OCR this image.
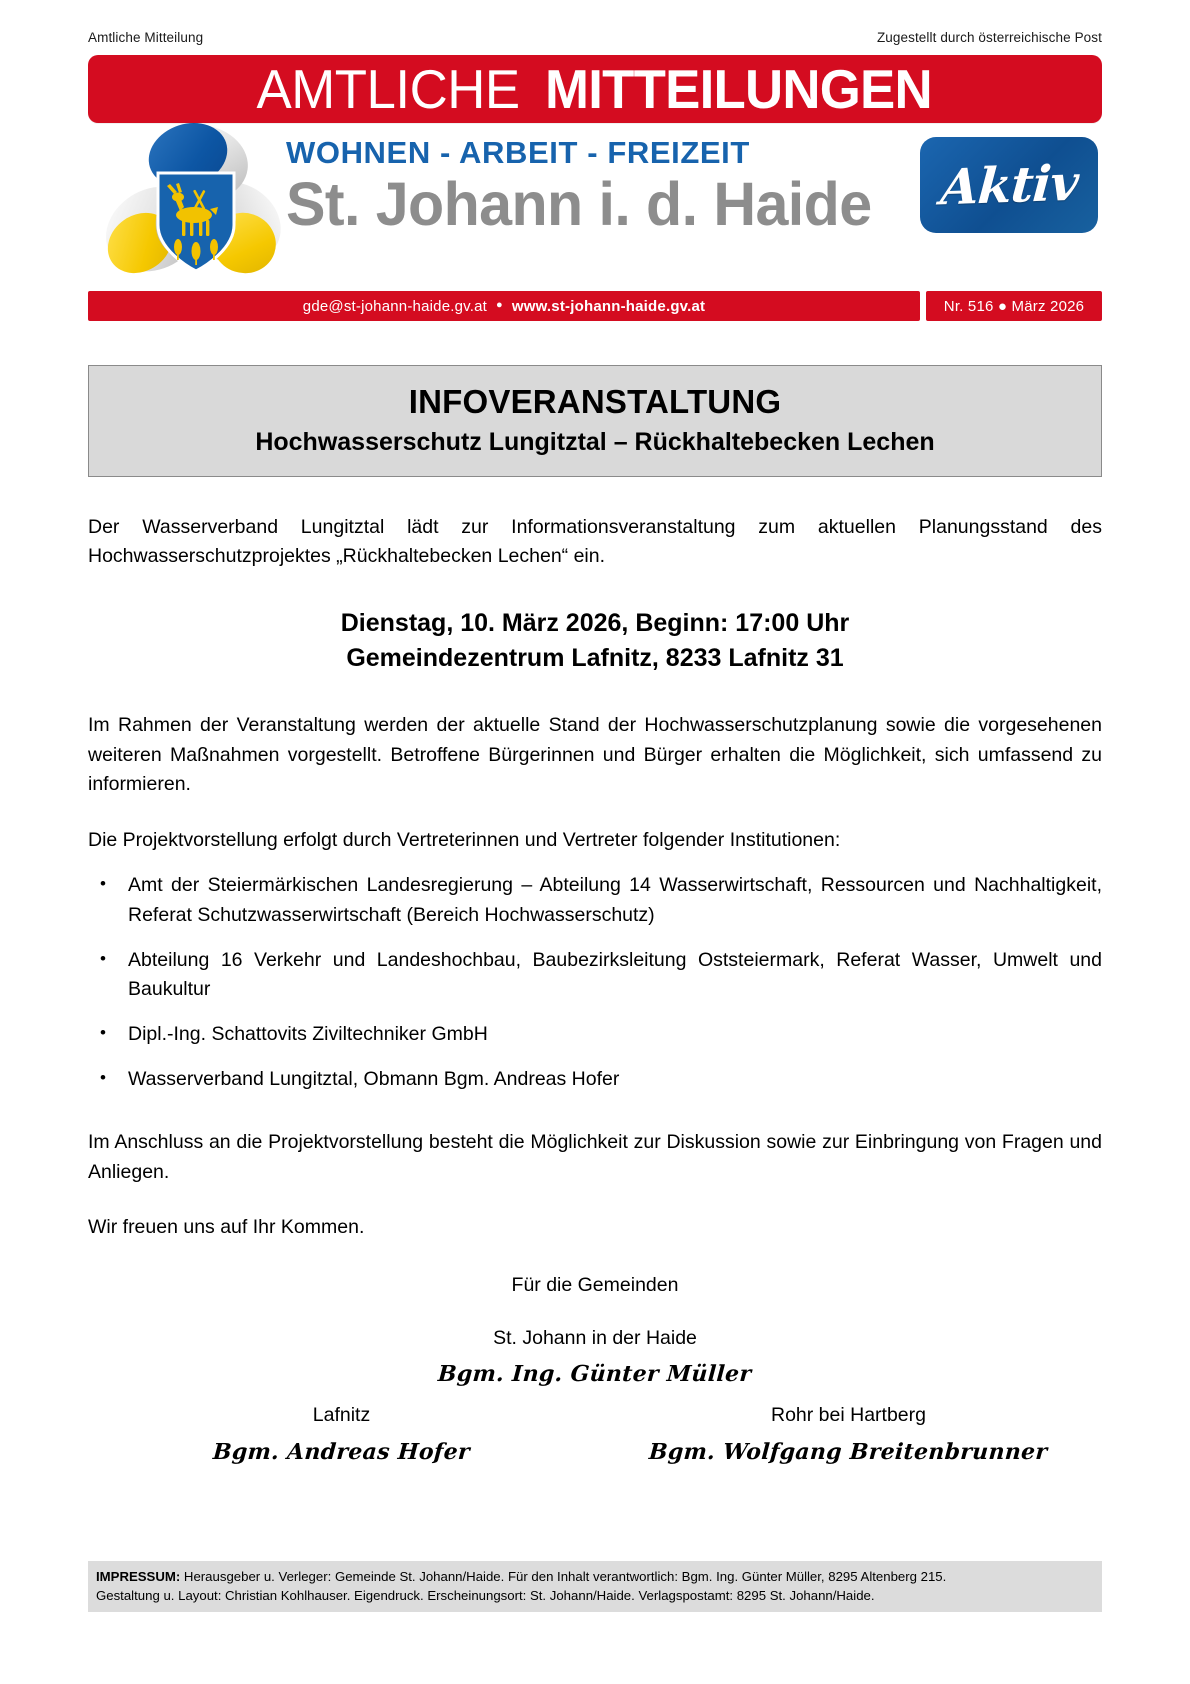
Amtliche Mitteilung	Zugestellt durch österreichische Post
AMTLICHE MITTEILUNGEN
WOHNEN - ARBEIT - FREIZEIT
St. Johann i. d. Haide	Aktiv
gde@st-johann-haide.gv.at ● www.st-johann-haide.gv.at	Nr. 516 ● März 2026
INFOVERANSTALTUNG
Hochwasserschutz Lungitztal – Rückhaltebecken Lechen

Der Wasserverband Lungitztal lädt zur Informationsveranstaltung zum aktuellen Planungsstand des Hochwasserschutzprojektes „Rückhaltebecken Lechen“ ein.

Dienstag, 10. März 2026, Beginn: 17:00 Uhr

Gemeindezentrum Lafnitz, 8233 Lafnitz 31

Im Rahmen der Veranstaltung werden der aktuelle Stand der Hochwasserschutzplanung sowie die vorgesehenen weiteren Maßnahmen vorgestellt. Betroffene Bürgerinnen und Bürger erhalten die Möglichkeit, sich umfassend zu informieren.

Die Projektvorstellung erfolgt durch Vertreterinnen und Vertreter folgender Institutionen:

• Amt der Steiermärkischen Landesregierung – Abteilung 14 Wasserwirtschaft, Ressourcen und Nachhaltigkeit, Referat Schutzwasserwirtschaft (Bereich Hochwasserschutz)
• Abteilung 16 Verkehr und Landeshochbau, Baubezirksleitung Oststeiermark, Referat Wasser, Umwelt und Baukultur
• Dipl.-Ing. Schattovits Ziviltechniker GmbH
• Wasserverband Lungitztal, Obmann Bgm. Andreas Hofer

Im Anschluss an die Projektvorstellung besteht die Möglichkeit zur Diskussion sowie zur Einbringung von Fragen und Anliegen.

Wir freuen uns auf Ihr Kommen.

Für die Gemeinden
St. Johann in der Haide
Bgm. Ing. Günter Müller
Lafnitz
Bgm. Andreas Hofer
Rohr bei Hartberg
Bgm. Wolfgang Breitenbrunner
IMPRESSUM: Herausgeber u. Verleger: Gemeinde St. Johann/Haide. Für den Inhalt verantwortlich: Bgm. Ing. Günter Müller, 8295 Altenberg 215.
Gestaltung u. Layout: Christian Kohlhauser. Eigendruck. Erscheinungsort: St. Johann/Haide. Verlagspostamt: 8295 St. Johann/Haide.
